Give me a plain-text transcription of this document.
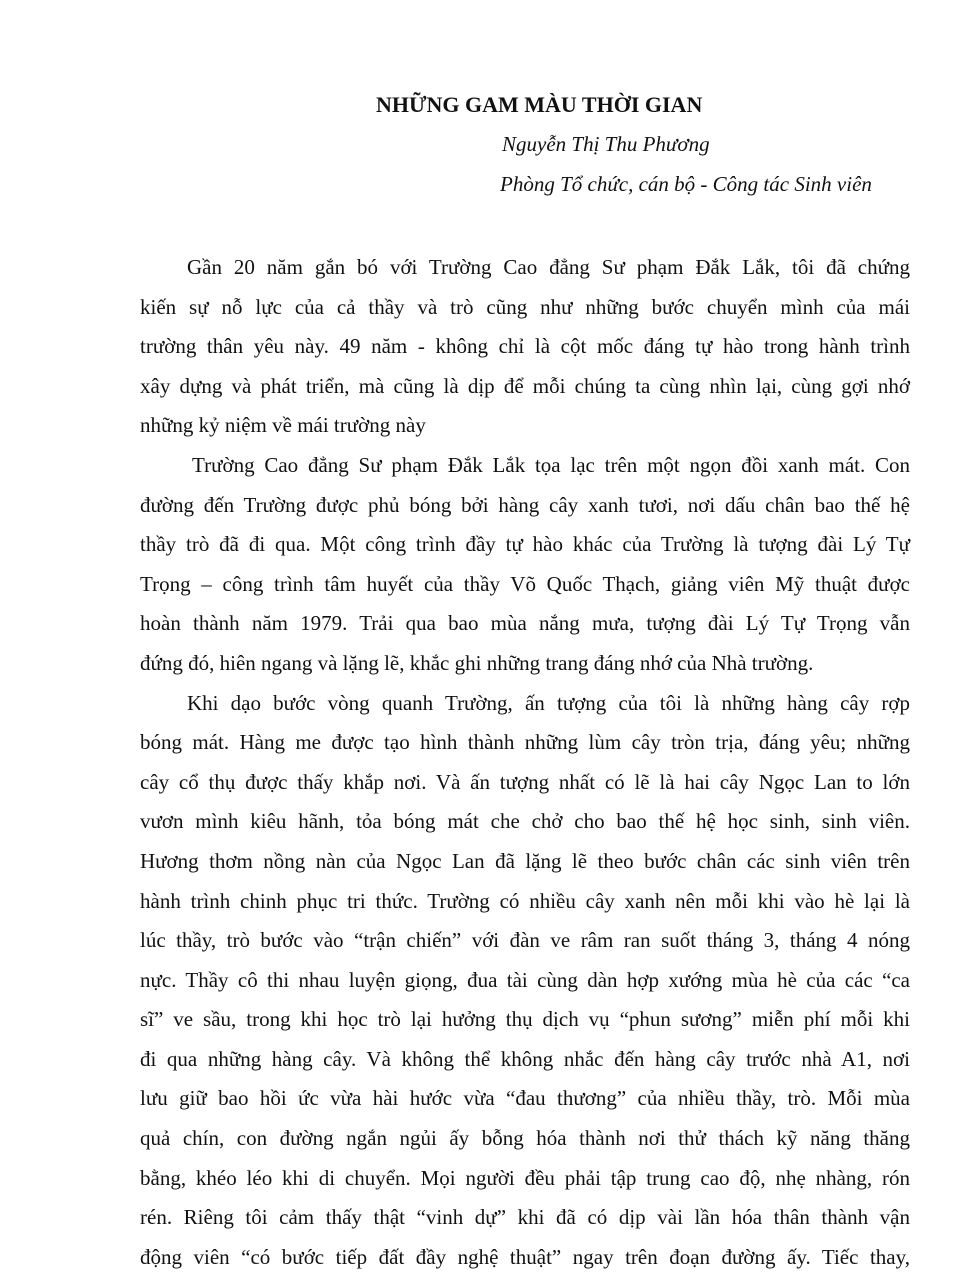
NHỮNG GAM MÀU THỜI GIAN
Nguyễn Thị Thu Phương
Phòng Tổ chức, cán bộ - Công tác Sinh viên
Gần 20 năm gắn bó với Trường Cao đẳng Sư phạm Đắk Lắk, tôi đã chứng
kiến sự nỗ lực của cả thầy và trò cũng như những bước chuyển mình của mái
trường thân yêu này. 49 năm - không chỉ là cột mốc đáng tự hào trong hành trình
xây dựng và phát triển, mà cũng là dịp để mỗi chúng ta cùng nhìn lại, cùng gợi nhớ
những kỷ niệm về mái trường này
Trường Cao đẳng Sư phạm Đắk Lắk tọa lạc trên một ngọn đồi xanh mát. Con
đường đến Trường được phủ bóng bởi hàng cây xanh tươi, nơi dấu chân bao thế hệ
thầy trò đã đi qua. Một công trình đầy tự hào khác của Trường là tượng đài Lý Tự
Trọng – công trình tâm huyết của thầy Võ Quốc Thạch, giảng viên Mỹ thuật được
hoàn thành năm 1979. Trải qua bao mùa nắng mưa, tượng đài Lý Tự Trọng vẫn
đứng đó, hiên ngang và lặng lẽ, khắc ghi những trang đáng nhớ của Nhà trường.
Khi dạo bước vòng quanh Trường, ấn tượng của tôi là những hàng cây rợp
bóng mát. Hàng me được tạo hình thành những lùm cây tròn trịa, đáng yêu; những
cây cổ thụ được thấy khắp nơi. Và ấn tượng nhất có lẽ là hai cây Ngọc Lan to lớn
vươn mình kiêu hãnh, tỏa bóng mát che chở cho bao thế hệ học sinh, sinh viên.
Hương thơm nồng nàn của Ngọc Lan đã lặng lẽ theo bước chân các sinh viên trên
hành trình chinh phục tri thức. Trường có nhiều cây xanh nên mỗi khi vào hè lại là
lúc thầy, trò bước vào “trận chiến” với đàn ve râm ran suốt tháng 3, tháng 4 nóng
nực. Thầy cô thi nhau luyện giọng, đua tài cùng dàn hợp xướng mùa hè của các “ca
sĩ” ve sầu, trong khi học trò lại hưởng thụ dịch vụ “phun sương” miễn phí mỗi khi
đi qua những hàng cây. Và không thể không nhắc đến hàng cây trước nhà A1, nơi
lưu giữ bao hồi ức vừa hài hước vừa “đau thương” của nhiều thầy, trò. Mỗi mùa
quả chín, con đường ngắn ngủi ấy bỗng hóa thành nơi thử thách kỹ năng thăng
bằng, khéo léo khi di chuyển. Mọi người đều phải tập trung cao độ, nhẹ nhàng, rón
rén. Riêng tôi cảm thấy thật “vinh dự” khi đã có dịp vài lần hóa thân thành vận
động viên “có bước tiếp đất đầy nghệ thuật” ngay trên đoạn đường ấy. Tiếc thay,
